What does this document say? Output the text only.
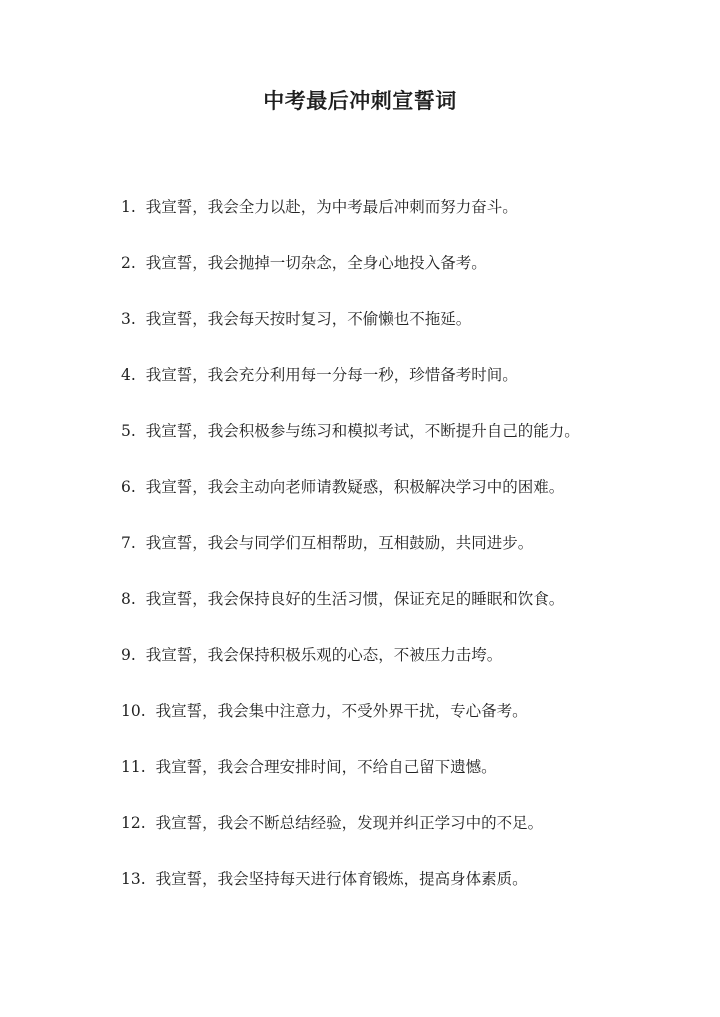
中考最后冲刺宣誓词
1. 我宣誓，我会全力以赴，为中考最后冲刺而努力奋斗。
2. 我宣誓，我会抛掉一切杂念，全身心地投入备考。
3. 我宣誓，我会每天按时复习，不偷懒也不拖延。
4. 我宣誓，我会充分利用每一分每一秒，珍惜备考时间。
5. 我宣誓，我会积极参与练习和模拟考试，不断提升自己的能力。
6. 我宣誓，我会主动向老师请教疑惑，积极解决学习中的困难。
7. 我宣誓，我会与同学们互相帮助，互相鼓励，共同进步。
8. 我宣誓，我会保持良好的生活习惯，保证充足的睡眠和饮食。
9. 我宣誓，我会保持积极乐观的心态，不被压力击垮。
10. 我宣誓，我会集中注意力，不受外界干扰，专心备考。
11. 我宣誓，我会合理安排时间，不给自己留下遗憾。
12. 我宣誓，我会不断总结经验，发现并纠正学习中的不足。
13. 我宣誓，我会坚持每天进行体育锻炼，提高身体素质。
